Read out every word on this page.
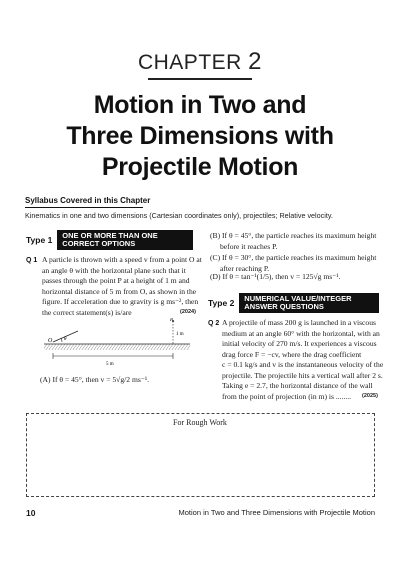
CHAPTER 2
Motion in Two and
Three Dimensions with
Projectile Motion
Syllabus Covered in this Chapter
Kinematics in one and two dimensions (Cartesian coordinates only), projectiles; Relative velocity.
Type 1	ONE OR MORE THAN ONE
CORRECT OPTIONS
Q 1 A particle is thrown with a speed v from a point O at
an angle θ with the horizontal plane such that it
passes through the point P at a height of 1 m and
horizontal distance of 5 m from O, as shown in the
figure. If acceleration due to gravity is g ms⁻², then
the correct statement(s) is/are	(2024)
O
P
θ
1 m
5 m
(A) If θ = 45°, then v = 5√g/2 ms⁻¹.
(B) If θ = 45°, the particle reaches its maximum height
before it reaches P.
(C) If θ = 30°, the particle reaches its maximum height
after reaching P.
(D) If θ = tan⁻¹(1/5), then v = 125√g ms⁻¹.
Type 2	NUMERICAL VALUE/INTEGER
ANSWER QUESTIONS
Q 2 A projectile of mass 200 g is launched in a viscous
medium at an angle 60° with the horizontal, with an
initial velocity of 270 m/s. It experiences a viscous
drag force F = −cv, where the drag coefficient
c = 0.1 kg/s and v is the instantaneous velocity of the
projectile. The projectile hits a vertical wall after 2 s.
Taking e = 2.7, the horizontal distance of the wall
from the point of projection (in m) is ........	(2025)
For Rough Work
10	Motion in Two and Three Dimensions with Projectile Motion
